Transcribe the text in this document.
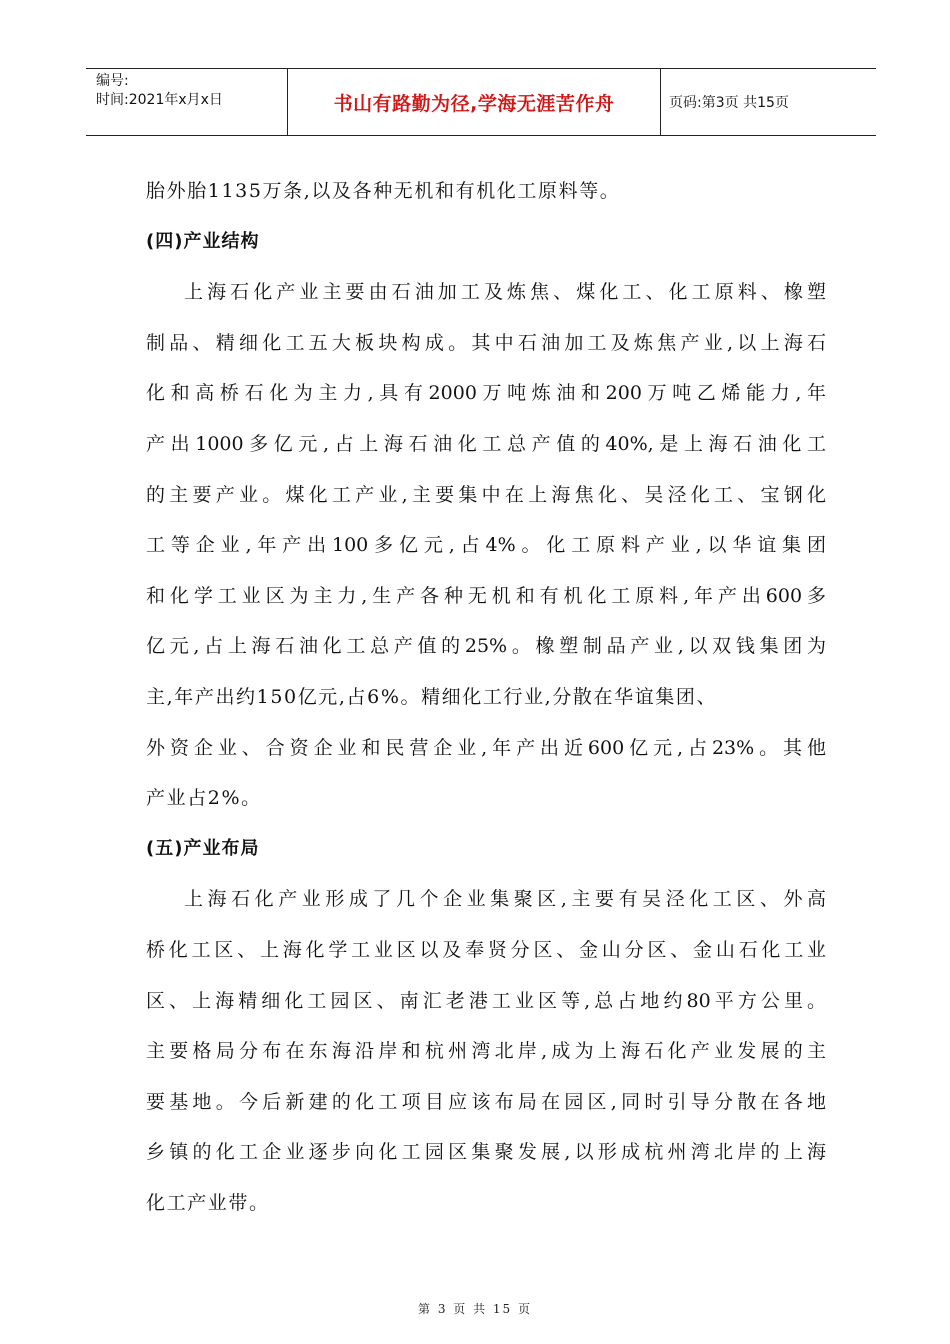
编号:
时间:2021年x月x日	书山有路勤为径,学海无涯苦作舟	页码:第3页 共15页
胎外胎1135万条,以及各种无机和有机化工原料等。
(四)产业结构
上海石化产业主要由石油加工及炼焦、煤化工、化工原料、橡塑
制品、精细化工五大板块构成。其中石油加工及炼焦产业,以上海石
化和高桥石化为主力,具有2000万吨炼油和200万吨乙烯能力,年
产出1000多亿元,占上海石油化工总产值的40%,是上海石油化工
的主要产业。煤化工产业,主要集中在上海焦化、吴泾化工、宝钢化
工等企业,年产出100多亿元,占4%。化工原料产业,以华谊集团
和化学工业区为主力,生产各种无机和有机化工原料,年产出600多
亿元,占上海石油化工总产值的25%。橡塑制品产业,以双钱集团为
主,年产出约150亿元,占6%。精细化工行业,分散在华谊集团、
外资企业、合资企业和民营企业,年产出近600亿元,占23%。其他
产业占2%。
(五)产业布局
上海石化产业形成了几个企业集聚区,主要有吴泾化工区、外高
桥化工区、上海化学工业区以及奉贤分区、金山分区、金山石化工业
区、上海精细化工园区、南汇老港工业区等,总占地约80平方公里。
主要格局分布在东海沿岸和杭州湾北岸,成为上海石化产业发展的主
要基地。今后新建的化工项目应该布局在园区,同时引导分散在各地
乡镇的化工企业逐步向化工园区集聚发展,以形成杭州湾北岸的上海
化工产业带。
第 3 页 共 15 页
